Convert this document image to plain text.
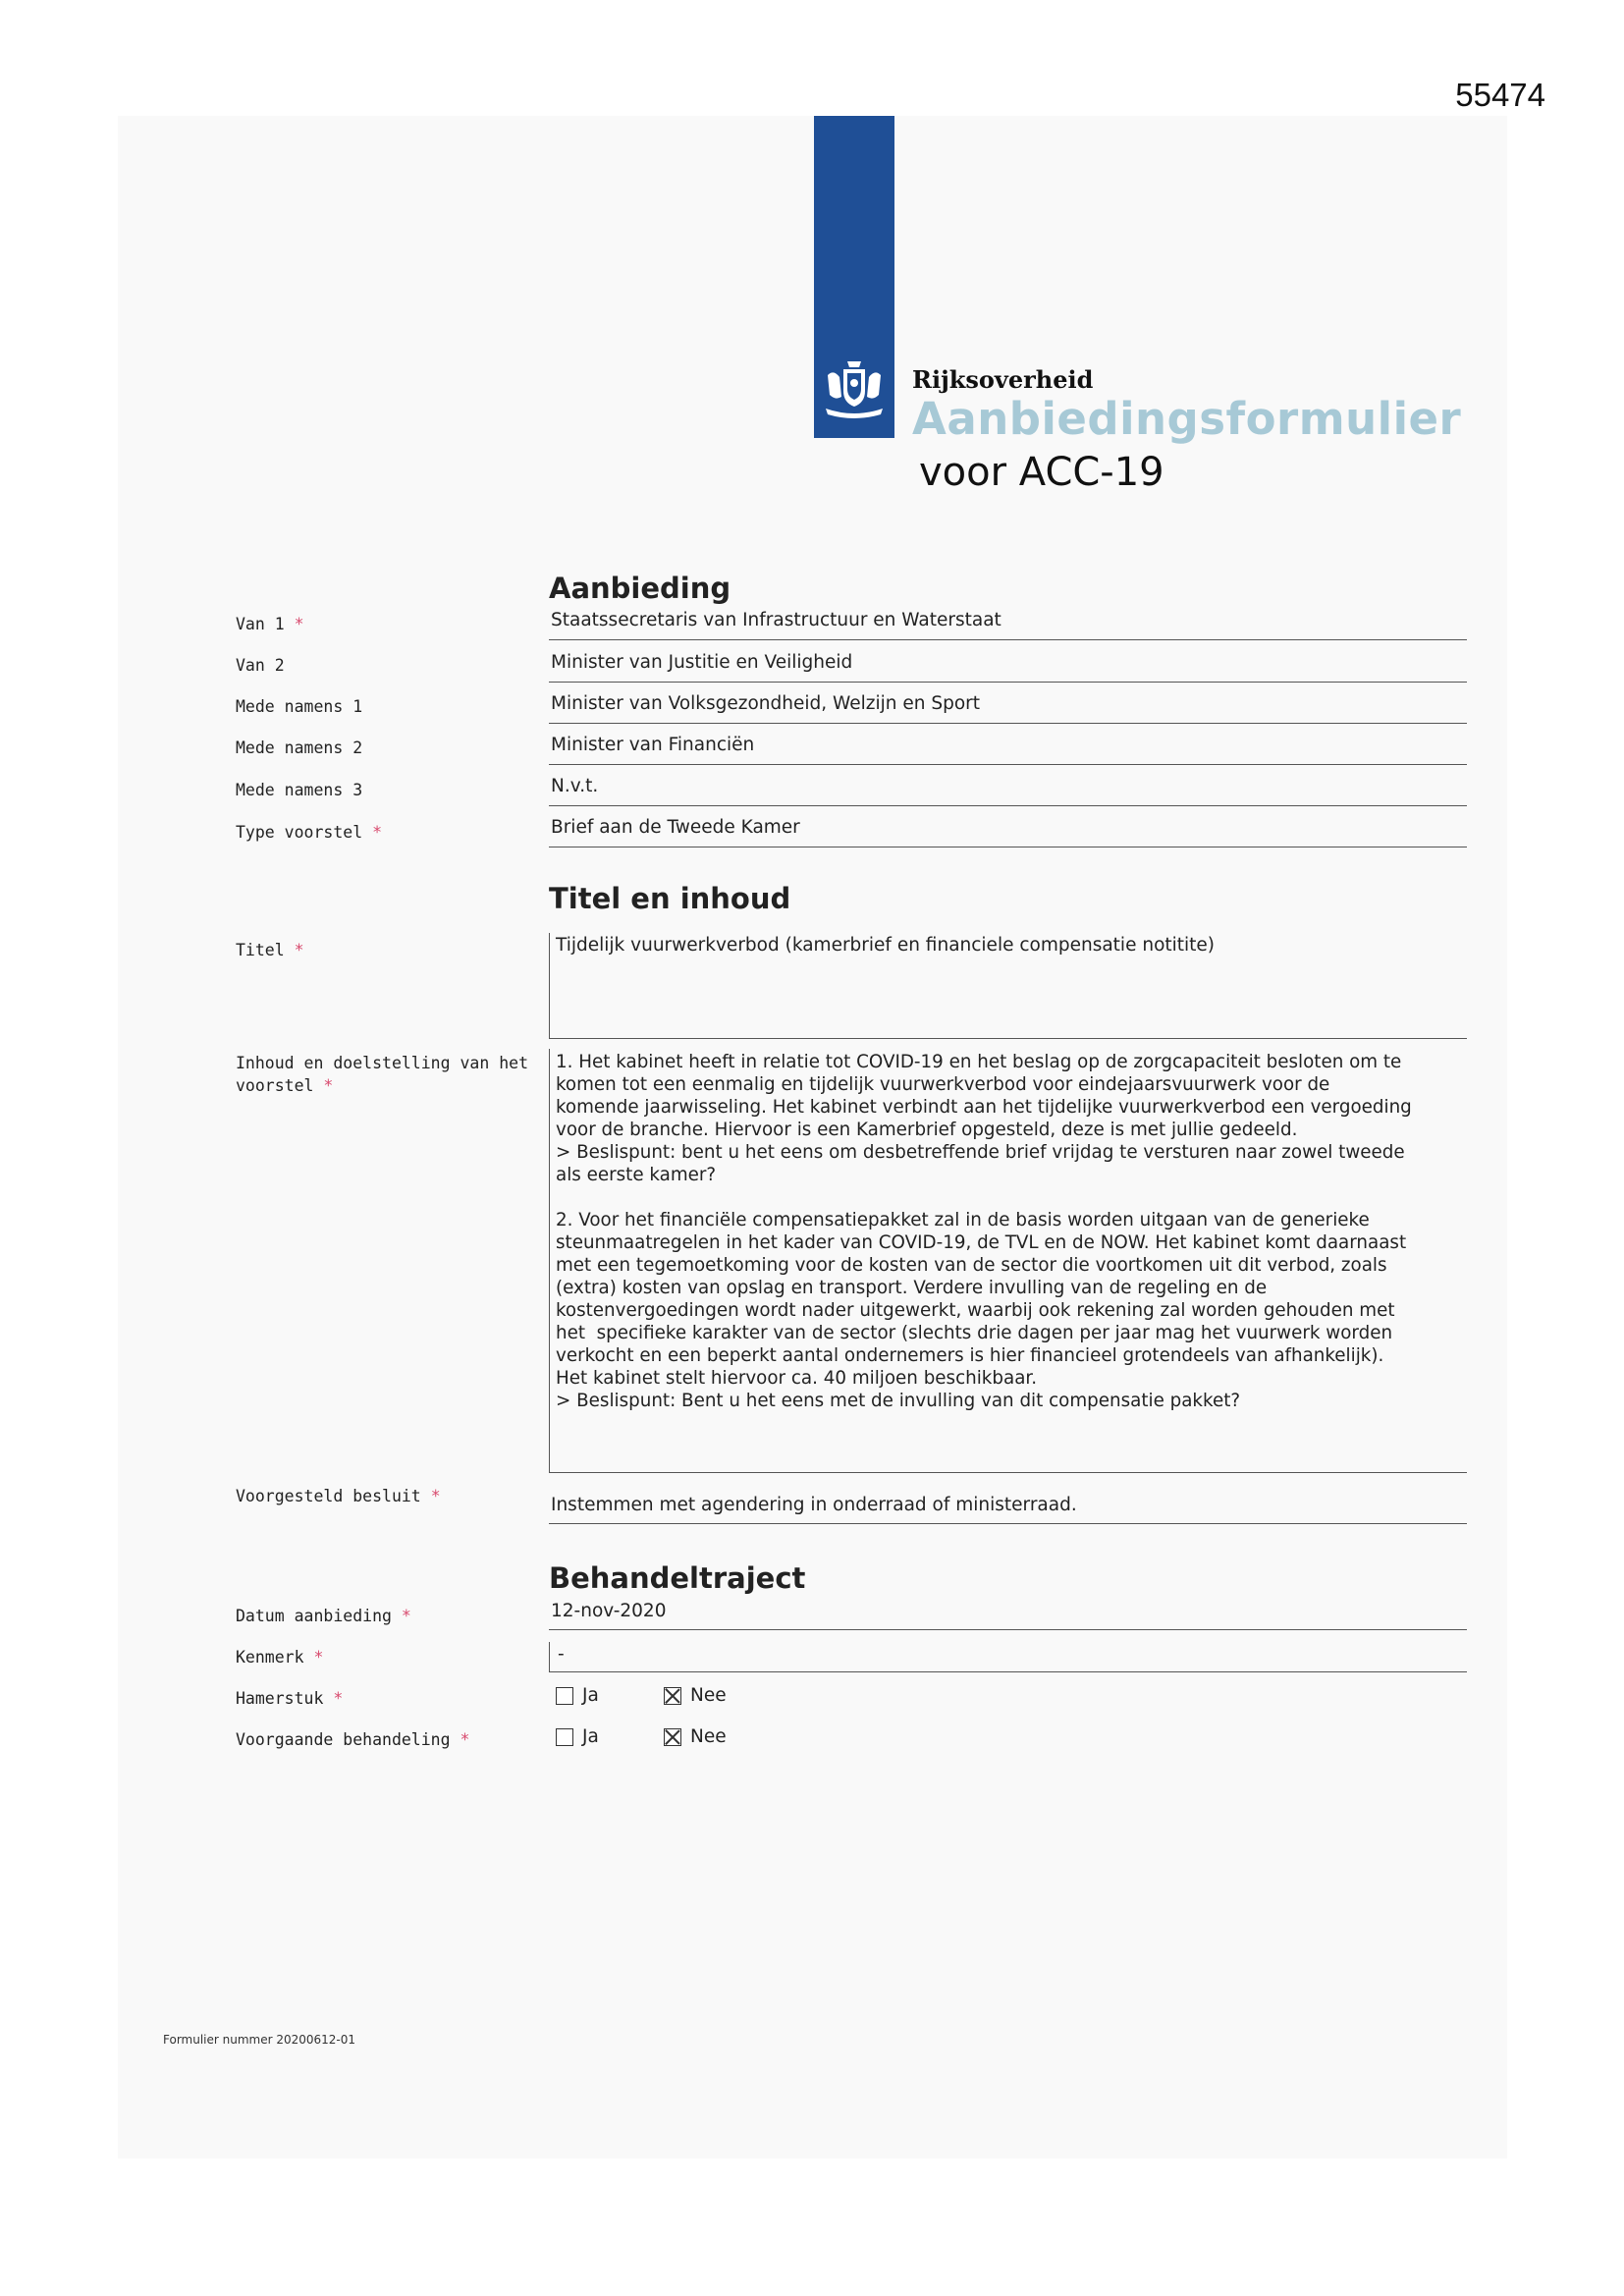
55474

Rijksoverheid
Aanbiedingsformulier
voor ACC-19
Aanbieding
Van 1 *	Staatssecretaris van Infrastructuur en Waterstaat
Van 2	Minister van Justitie en Veiligheid
Mede namens 1	Minister van Volksgezondheid, Welzijn en Sport
Mede namens 2	Minister van Financiën
Mede namens 3	N.v.t.
Type voorstel *	Brief aan de Tweede Kamer
Titel en inhoud
Titel *	Tijdelijk vuurwerkverbod (kamerbrief en financiele compensatie notitite)
Inhoud en doelstelling van het voorstel *
1. Het kabinet heeft in relatie tot COVID-19 en het beslag op de zorgcapaciteit besloten om te
komen tot een eenmalig en tijdelijk vuurwerkverbod voor eindejaarsvuurwerk voor de
komende jaarwisseling. Het kabinet verbindt aan het tijdelijke vuurwerkverbod een vergoeding
voor de branche. Hiervoor is een Kamerbrief opgesteld, deze is met jullie gedeeld.
> Beslispunt: bent u het eens om desbetreffende brief vrijdag te versturen naar zowel tweede
als eerste kamer?

2. Voor het financiële compensatiepakket zal in de basis worden uitgaan van de generieke
steunmaatregelen in het kader van COVID-19, de TVL en de NOW. Het kabinet komt daarnaast
met een tegemoetkoming voor de kosten van de sector die voortkomen uit dit verbod, zoals
(extra) kosten van opslag en transport. Verdere invulling van de regeling en de
kostenvergoedingen wordt nader uitgewerkt, waarbij ook rekening zal worden gehouden met
het  specifieke karakter van de sector (slechts drie dagen per jaar mag het vuurwerk worden
verkocht en een beperkt aantal ondernemers is hier financieel grotendeels van afhankelijk).
Het kabinet stelt hiervoor ca. 40 miljoen beschikbaar.
> Beslispunt: Bent u het eens met de invulling van dit compensatie pakket?
Voorgesteld besluit *	Instemmen met agendering in onderraad of ministerraad.
Behandeltraject
Datum aanbieding *	12-nov-2020
Kenmerk *	-
Hamerstuk *	Ja	Nee
Voorgaande behandeling *	Ja	Nee
Formulier nummer 20200612-01
